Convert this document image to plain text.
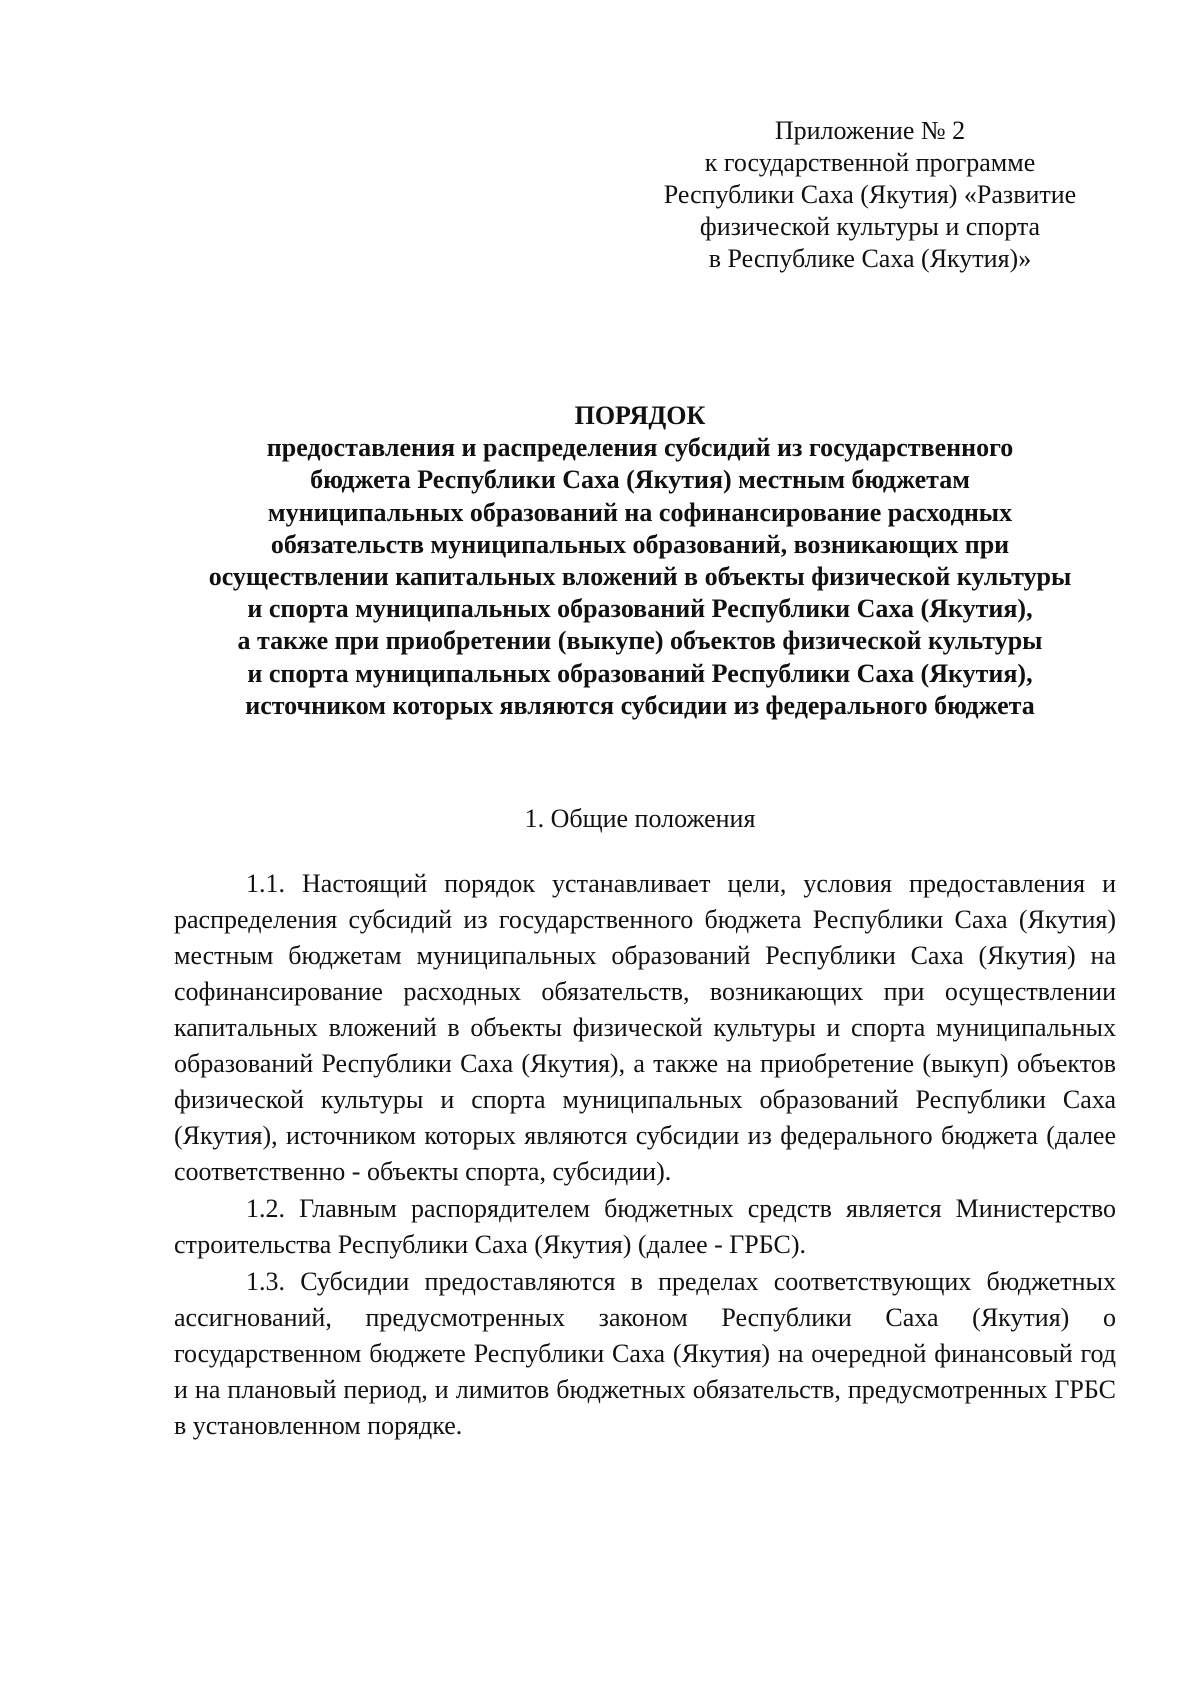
Приложение № 2
к государственной программе
Республики Саха (Якутия) «Развитие
физической культуры и спорта
в Республике Саха (Якутия)»
ПОРЯДОК
предоставления и распределения субсидий из государственного
бюджета Республики Саха (Якутия) местным бюджетам
муниципальных образований на софинансирование расходных
обязательств муниципальных образований, возникающих при
осуществлении капитальных вложений в объекты физической культуры
и спорта муниципальных образований Республики Саха (Якутия),
а также при приобретении (выкупе) объектов физической культуры
и спорта муниципальных образований Республики Саха (Якутия),
источником которых являются субсидии из федерального бюджета
1. Общие положения

1.1. Настоящий порядок устанавливает цели, условия предоставления и распределения субсидий из государственного бюджета Республики Саха (Якутия) местным бюджетам муниципальных образований Республики Саха (Якутия) на софинансирование расходных обязательств, возникающих при осуществлении капитальных вложений в объекты физической культуры и спорта муниципальных образований Республики Саха (Якутия), а также на приобретение (выкуп) объектов физической культуры и спорта муниципальных образований Республики Саха (Якутия), источником которых являются субсидии из федерального бюджета (далее соответственно - объекты спорта, субсидии).

1.2. Главным распорядителем бюджетных средств является Министерство строительства Республики Саха (Якутия) (далее - ГРБС).

1.3. Субсидии предоставляются в пределах соответствующих бюджетных ассигнований, предусмотренных законом Республики Саха (Якутия) о государственном бюджете Республики Саха (Якутия) на очередной финансовый год и на плановый период, и лимитов бюджетных обязательств, предусмотренных ГРБС в установленном порядке.
